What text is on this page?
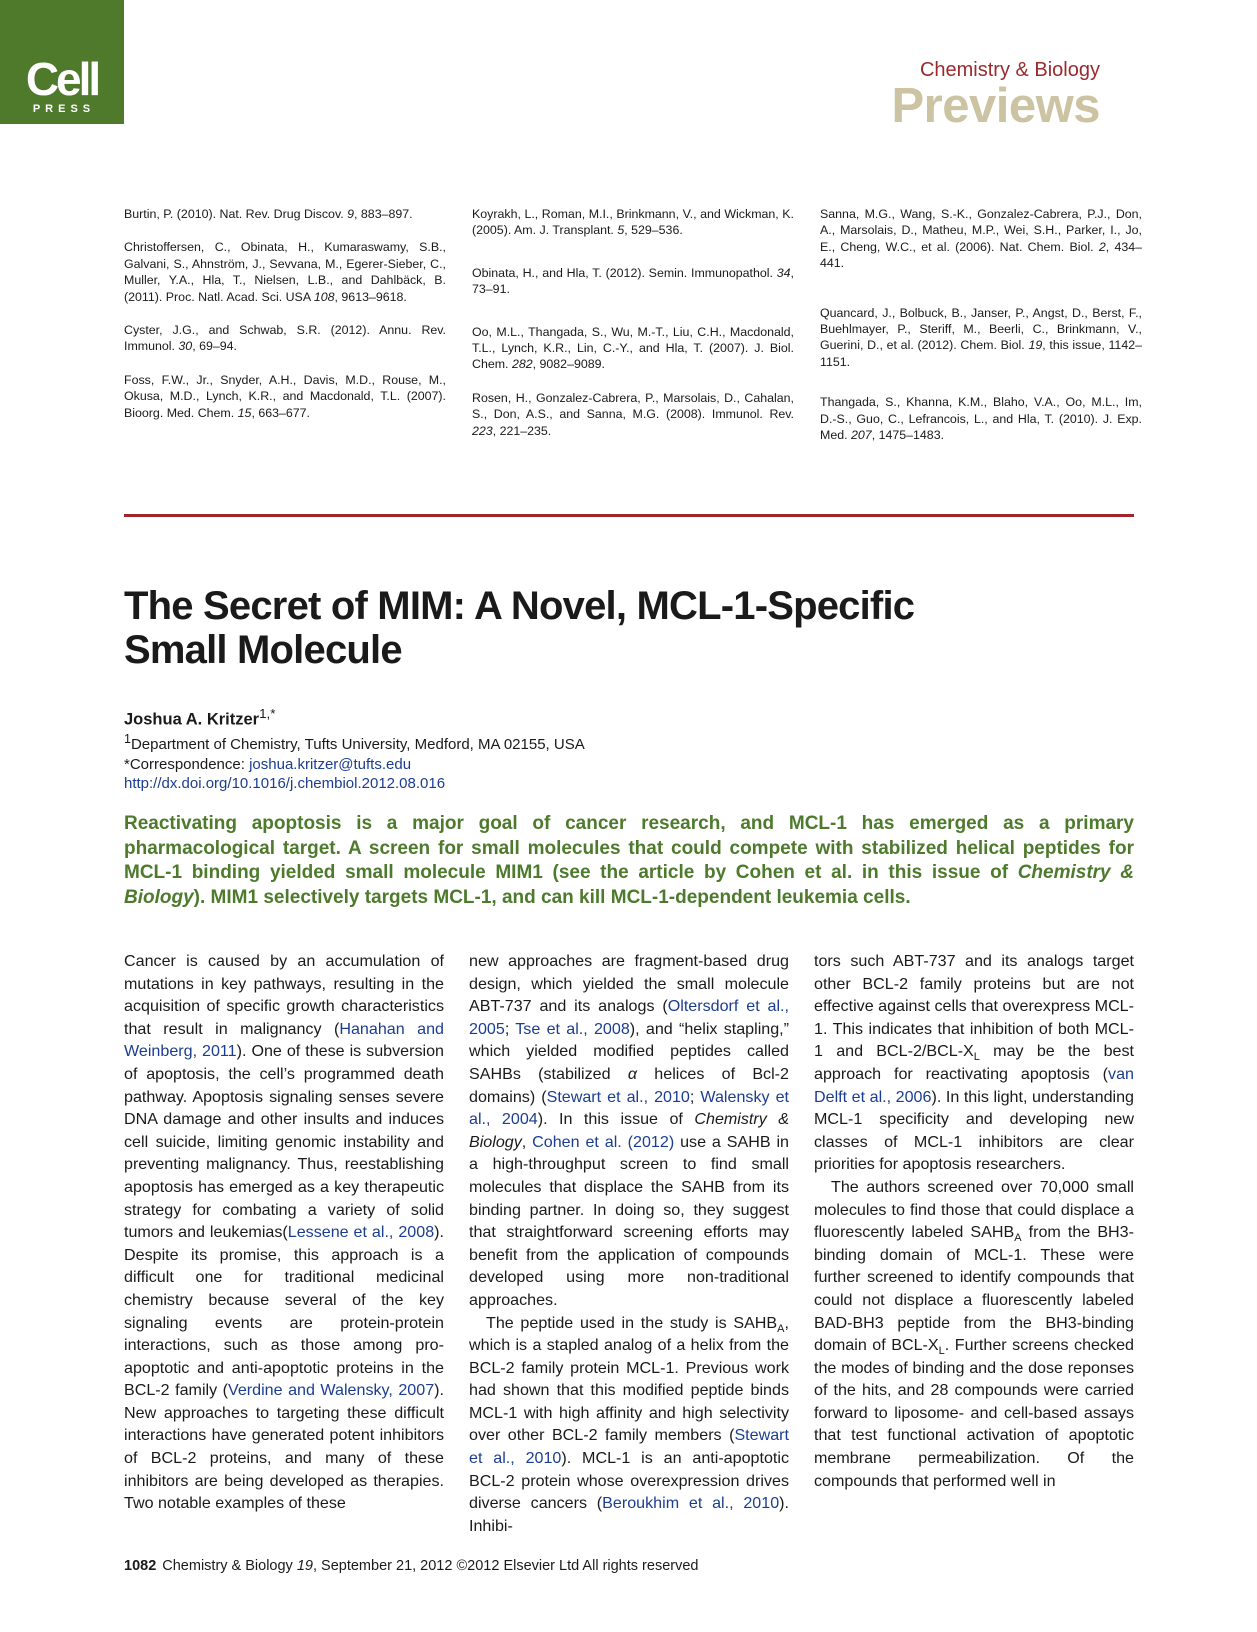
Cell
PRESS
Chemistry & Biology
Previews

Burtin, P. (2010). Nat. Rev. Drug Discov. 9, 883–897.

Christoffersen, C., Obinata, H., Kumaraswamy, S.B., Galvani, S., Ahnström, J., Sevvana, M., Egerer-Sieber, C., Muller, Y.A., Hla, T., Nielsen, L.B., and Dahlbäck, B. (2011). Proc. Natl. Acad. Sci. USA 108, 9613–9618.

Cyster, J.G., and Schwab, S.R. (2012). Annu. Rev. Immunol. 30, 69–94.

Foss, F.W., Jr., Snyder, A.H., Davis, M.D., Rouse, M., Okusa, M.D., Lynch, K.R., and Macdonald, T.L. (2007). Bioorg. Med. Chem. 15, 663–677.

Koyrakh, L., Roman, M.I., Brinkmann, V., and Wickman, K. (2005). Am. J. Transplant. 5, 529–536.

Obinata, H., and Hla, T. (2012). Semin. Immunopathol. 34, 73–91.

Oo, M.L., Thangada, S., Wu, M.-T., Liu, C.H., Macdonald, T.L., Lynch, K.R., Lin, C.-Y., and Hla, T. (2007). J. Biol. Chem. 282, 9082–9089.

Rosen, H., Gonzalez-Cabrera, P., Marsolais, D., Cahalan, S., Don, A.S., and Sanna, M.G. (2008). Immunol. Rev. 223, 221–235.

Sanna, M.G., Wang, S.-K., Gonzalez-Cabrera, P.J., Don, A., Marsolais, D., Matheu, M.P., Wei, S.H., Parker, I., Jo, E., Cheng, W.C., et al. (2006). Nat. Chem. Biol. 2, 434–441.

Quancard, J., Bolbuck, B., Janser, P., Angst, D., Berst, F., Buehlmayer, P., Steriff, M., Beerli, C., Brinkmann, V., Guerini, D., et al. (2012). Chem. Biol. 19, this issue, 1142–1151.

Thangada, S., Khanna, K.M., Blaho, V.A., Oo, M.L., Im, D.-S., Guo, C., Lefrancois, L., and Hla, T. (2010). J. Exp. Med. 207, 1475–1483.

The Secret of MIM: A Novel, MCL-1-Specific Small Molecule
Joshua A. Kritzer$^{1,*}$
$^1$Department of Chemistry, Tufts University, Medford, MA 02155, USA
*Correspondence: joshua.kritzer@tufts.edu
http://dx.doi.org/10.1016/j.chembiol.2012.08.016

Reactivating apoptosis is a major goal of cancer research, and MCL-1 has emerged as a primary pharmacological target. A screen for small molecules that could compete with stabilized helical peptides for MCL-1 binding yielded small molecule MIM1 (see the article by Cohen et al. in this issue of Chemistry & Biology). MIM1 selectively targets MCL-1, and can kill MCL-1-dependent leukemia cells.

Cancer is caused by an accumulation of mutations in key pathways, resulting in the acquisition of specific growth characteristics that result in malignancy (Hanahan and Weinberg, 2011). One of these is subversion of apoptosis, the cell’s programmed death pathway. Apoptosis signaling senses severe DNA damage and other insults and induces cell suicide, limiting genomic instability and preventing malignancy. Thus, reestablishing apoptosis has emerged as a key therapeutic strategy for combating a variety of solid tumors and leukemias(Lessene et al., 2008). Despite its promise, this approach is a difficult one for traditional medicinal chemistry because several of the key signaling events are protein-protein interactions, such as those among pro-apoptotic and anti-apoptotic proteins in the BCL-2 family (Verdine and Walensky, 2007). New approaches to targeting these difficult interactions have generated potent inhibitors of BCL-2 proteins, and many of these inhibitors are being developed as therapies. Two notable examples of these

new approaches are fragment-based drug design, which yielded the small molecule ABT-737 and its analogs (Oltersdorf et al., 2005; Tse et al., 2008), and “helix stapling,” which yielded modified peptides called SAHBs (stabilized α helices of Bcl-2 domains) (Stewart et al., 2010; Walensky et al., 2004). In this issue of Chemistry & Biology, Cohen et al. (2012) use a SAHB in a high-throughput screen to find small molecules that displace the SAHB from its binding partner. In doing so, they suggest that straightforward screening efforts may benefit from the application of compounds developed using more non-traditional approaches.

The peptide used in the study is $SAHB_A$, which is a stapled analog of a helix from the BCL-2 family protein MCL-1. Previous work had shown that this modified peptide binds MCL-1 with high affinity and high selectivity over other BCL-2 family members (Stewart et al., 2010). MCL-1 is an anti-apoptotic BCL-2 protein whose overexpression drives diverse cancers (Beroukhim et al., 2010). Inhibi-

tors such ABT-737 and its analogs target other BCL-2 family proteins but are not effective against cells that overexpress MCL-1. This indicates that inhibition of both MCL-1 and BCL-$2/BCL-X_L$ may be the best approach for reactivating apoptosis (van Delft et al., 2006). In this light, understanding MCL-1 specificity and developing new classes of MCL-1 inhibitors are clear priorities for apoptosis researchers.

The authors screened over 70,000 small molecules to find those that could displace a fluorescently labeled $SAHB_A$ from the BH3-binding domain of MCL-1. These were further screened to identify compounds that could not displace a fluorescently labeled BAD-BH3 peptide from the BH3-binding domain of BCL-$X_L$. Further screens checked the modes of binding and the dose reponses of the hits, and 28 compounds were carried forward to liposome- and cell-based assays that test functional activation of apoptotic membrane permeabilization. Of the compounds that performed well in

1082 Chemistry & Biology 19, September 21, 2012 ©2012 Elsevier Ltd All rights reserved
